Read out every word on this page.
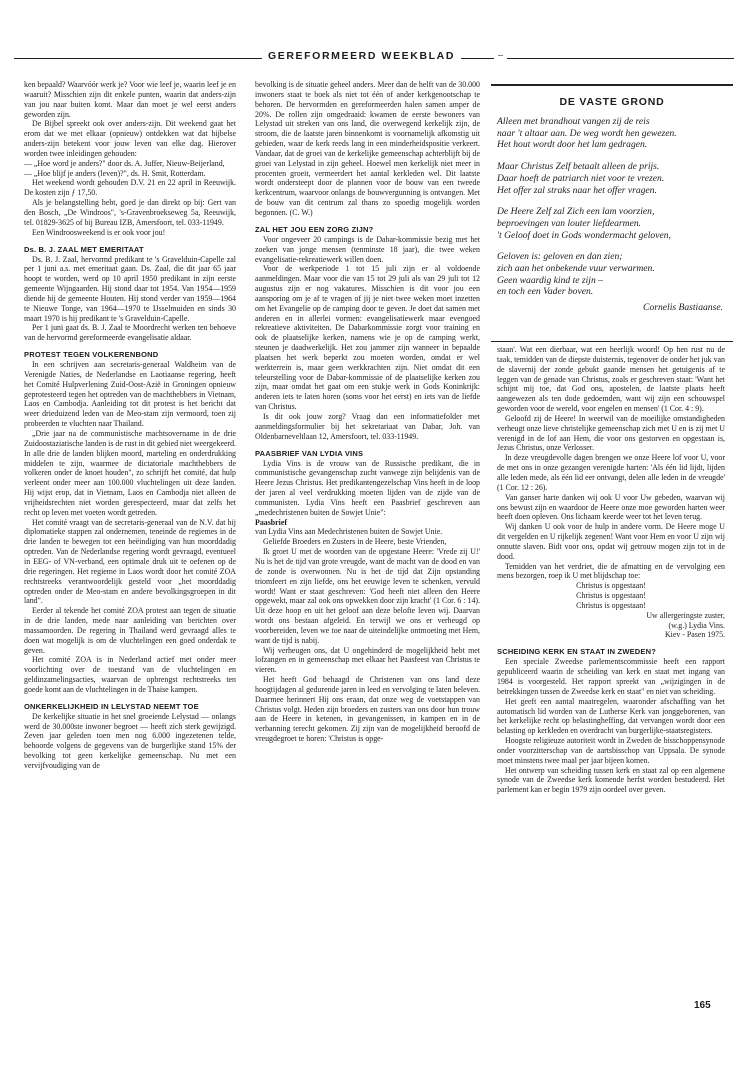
GEREFORMEERD WEEKBLAD	–

ken bepaald? Waarvóór werk je? Voor wie leef je, waarin leef je en waaruit? Misschien zijn dit enkele punten, waarin dat anders-zijn van jou naar buiten komt. Maar dan moet je wel eerst anders geworden zijn.

De Bijbel spreekt ook over anders-zijn. Dit weekend gaat het erom dat we met elkaar (opnieuw) ontdekken wat dat bijbelse anders-zijn betekent voor jouw leven van elke dag. Hierover worden twee inleidingen gehouden:

— „Hoe word je anders?" door ds. A. Juffer, Nieuw-Beijerland,

— „Hoe blijf je anders (leven)?", ds. H. Smit, Rotterdam.

Het weekend wordt gehouden D.V. 21 en 22 april in Reeuwijk. De kosten zijn ƒ 17,50.

Als je belangstelling hebt, goed je dan direkt op bij: Gert van den Bosch, „De Windroos", 's-Gravenbroekseweg 5a, Reeuwijk, tel. 01829-3625 of bij Bureau IZB, Amersfoort, tel. 033-11949.

Een Windroosweekend is er ook voor jou!

Ds. B. J. ZAAL MET EMERITAAT

Ds. B. J. Zaal, hervormd predikant te 's Gravelduin-Capelle zal per 1 juni a.s. met emeritaat gaan. Ds. Zaal, die dit jaar 65 jaar hoopt te worden, werd op 10 april 1950 predikant in zijn eerste gemeente Wijngaarden. Hij stond daar tot 1954. Van 1954—1959 diende hij de gemeente Houten. Hij stond verder van 1959—1964 te Nieuwe Tonge, van 1964—1970 te IJsselmuiden en sinds 30 maart 1970 is hij predikant te 's Gravelduin-Capelle.

Per 1 juni gaat ds. B. J. Zaal te Moordrecht werken ten behoeve van de hervormd gereformeerde evangelisatie aldaar.

PROTEST TEGEN VOLKERENBOND

In een schrijven aan secretaris-generaal Waldheim van de Verenigde Naties, de Nederlandse en Laotiaanse regering, heeft het Comité Hulpverlening Zuid-Oost-Azië in Groningen opnieuw geprotesteerd tegen het optreden van de machthebbers in Vietnam, Laos en Cambodja. Aanleiding tot dit protest is het bericht dat weer drieduizend leden van de Meo-stam zijn vermoord, toen zij probeerden te vluchten naar Thailand.

„Drie jaar na de communistische machtsovername in de drie Zuidoostaziatische landen is de rust in dit gebied niet weergekeerd. In alle drie de landen blijken moord, marteling en onderdrukking middelen te zijn, waarmee de dictatoriale machthebbers de volkeren onder de knoet houden", zo schrijft het comité, dat hulp verleent onder meer aan 100.000 vluchtelingen uit deze landen. Hij wijst erop, dat in Vietnam, Laos en Cambodja niet alleen de vrijheidsrechten niet worden gerespecteerd, maar dat zelfs het recht op leven met voeten wordt getreden.

Het comité vraagt van de secretaris-generaal van de N.V. dat hij diplomatieke stappen zal ondernemen, teneinde de regiemes in de drie landen te bewegen tot een beëindiging van hun moorddadig optreden. Van de Nederlandse regering wordt gevraagd, eventueel in EEG- of VN-verband, een optimale druk uit te oefenen op de drie regeringen. Het regieme in Laos wordt door het comité ZOA rechtstreeks verantwoordelijk gesteld voor „het moorddadig optreden onder de Meo-stam en andere bevolkingsgroepen in dit land".

Eerder al tekende het comité ZOA protest aan tegen de situatie in de drie landen, mede naar aanleiding van berichten over massamoorden. De regering in Thailand werd gevraagd alles te doen wat mogelijk is om de vluchtelingen een goed onderdak te geven.

Het comité ZOA is in Nederland actief met onder meer voorlichting over de toestand van de vluchtelingen en geldinzamelingsacties, waarvan de opbrengst rechtstreeks ten goede komt aan de vluchtelingen in de Thaise kampen.

ONKERKELIJKHEID IN LELYSTAD NEEMT TOE

De kerkelijke situatie in het snel groeiende Lelystad — onlangs werd de 30.000ste inwoner begroet — heeft zich sterk gewijzigd. Zeven jaar geleden toen men nog 6.000 ingezetenen telde, behoorde volgens de gegevens van de burgerlijke stand 15% der bevolking tot geen kerkelijke gemeenschap. Nu met een vervijfvoudiging van de

bevolking is de situatie geheel anders. Meer dan de helft van de 30.000 inwoners staat te boek als niet tot één of ander kerkgenootschap te behoren. De hervormden en gereformeerden halen samen amper de 20%. De rollen zijn omgedraaid: kwamen de eerste bewoners van Lelystad uit streken van ons land, die overwegend kerkelijk zijn, de stroom, die de laatste jaren binnenkomt is voornamelijk afkomstig uit gebieden, waar de kerk reeds lang in een minderheidspositie verkeert. Vandaar, dat de groei van de kerkelijke gemeenschap achterblijft bij de groei van Lelystad in zijn geheel. Hoewel men kerkelijk niet meer in procenten groeit, vermeerdert het aantal kerkleden wel. Dit laatste wordt ondersteept door de plannen voor de bouw van een tweede kerkcentrum, waarvoor onlangs de bouwvergunning is ontvangen. Met de bouw van dit centrum zal thans zo spoedig mogelijk worden begonnen. (C. W.)

ZAL HET JOU EEN ZORG ZIJN?

Voor ongeveer 20 campings is de Dabar-kommissie bezig met het zoeken van jonge mensen (tenminste 18 jaar), die twee weken evangelisatie-rekreatiewerk willen doen.

Voor de werkperiode 1 tot 15 juli zijn er al voldoende aanmeldingen. Maar voor die van 15 tot 29 juli als van 29 juli tot 12 augustus zijn er nog vakatures. Misschien is dit voor jou een aansporing om je af te vragen of jij je niet twee weken moet inzetten om het Evangelie op de camping door te geven. Je doet dat samen met anderen en in allerlei vormen: evangelisatiewerk maar evengoed rekreatieve aktiviteiten. De Dabarkommissie zorgt voor training en ook de plaatselijke kerken, namens wie je op de camping werkt, steunen je daadwerkelijk. Het zou jammer zijn wanneer in bepaalde plaatsen het werk beperkt zou moeten worden, omdat er wel werkterrein is, maar geen werkkrachten zijn. Niet omdat dit een teleurstelling voor de Dabar-kommissie of de plaatselijke kerken zou zijn, maar omdat het gaat om een stukje werk in Gods Koninkrijk: anderen iets te laten horen (soms voor het eerst) en iets van de liefde van Christus.

Is dit ook jouw zorg? Vraag dan een informatiefolder met aanmeldingsformulier bij het sekretariaat van Dabar, Joh. van Oldenbarneveltlaan 12, Amersfoort, tel. 033-11949.

PAASBRIEF VAN LYDIA VINS

Lydia Vins is de vrouw van de Russische predikant, die in communistische gevangenschap zucht vanwege zijn belijdenis van de Heere Jezus Christus. Het predikantengezelschap Vins heeft in de loop der jaren al veel verdrukking moeten lijden van de zijde van de communisten. Lydia Vins heeft een Paasbrief geschreven aan „medechristenen buiten de Sowjet Unie":

Paasbrief

van Lydia Vins aan Medechristenen buiten de Sowjet Unie.

Geliefde Broeders en Zusters in de Heere, beste Vrienden,

Ik groet U met de woorden van de opgestane Heere: 'Vrede zij U!' Nu is het de tijd van grote vreugde, want de macht van de dood en van de zonde is overwonnen. Nu is het de tijd dat Zijn opstanding triomfeert en zijn liefde, ons het eeuwige leven te schenken, vervuld wordt! Want er staat geschreven: 'God heeft niet alleen den Heere opgewekt, maar zal ook ons opwekken door zijn kracht' (1 Cor. 6 : 14). Uit deze hoop en uit het geloof aan deze belofte leven wij. Daarvan wordt ons bestaan afgeleid. En terwijl we ons er verheugd op voorbereiden, leven we toe naar de uiteindelijke ontmoeting met Hem, want de tijd is nabij.

Wij verheugen ons, dat U ongehinderd de mogelijkheid hebt met lofzangen en in gemeenschap met elkaar het Paasfeest van Christus te vieren.

Het heeft God behaagd de Christenen van ons land deze hoogtijdagen al gedurende jaren in leed en vervolging te laten beleven. Daarmee herinnert Hij ons eraan, dat onze weg de voetstappen van Christus volgt. Heden zijn broeders en zusters van ons door hun trouw aan de Heere in ketenen, in gevangenissen, in kampen en in de verbanning terecht gekomen. Zij zijn van de mogelijkheid beroofd de vreugdegroet te horen: 'Christus is opge-

DE VASTE GROND
Alleen met brandhout vangen zij de reis
naar 't altaar aan. De weg wordt hen gewezen.
Het hout wordt door het lam gedragen.
Maar Christus Zelf betaalt alleen de prijs.
Daar hoeft de patriarch niet voor te vrezen.
Het offer zal straks naar het offer vragen.
De Heere Zelf zal Zich een lam voorzien,
beproevingen van louter liefdearmen.
't Geloof doet in Gods wondermacht geloven,
Geloven is: geloven en dan zien;
zich aan het onbekende vuur verwarmen.
Geen waardig kind te zijn –
en toch een Vader boven.
Cornelis Bastiaanse.

staan'. Wat een dierbaar, wat een heerlijk woord! Op hen rust nu de taak, temidden van de diepste duisternis, tegenover de onder het juk van de slavernij der zonde gebukt gaande mensen het getuigenis af te leggen van de genade van Christus, zoals er geschreven staat: 'Want het schijnt mij toe, dat God ons, apostelen, de laatste plaats heeft aangewezen als ten dode gedoemden, want wij zijn een schouwspel geworden voor de wereld, voor engelen en mensen' (1 Cor. 4 : 9).

Geloofd zij de Heere! In weerwil van de moeilijke omstandigheden verheugt onze lieve christelijke gemeenschap zich met U en is zij met U verenigd in de lof aan Hem, die voor ons gestorven en opgestaan is, Jezus Christus, onze Verlosser.

In deze vreugdevolle dagen brengen we onze Heere lof voor U, voor de met ons in onze gezangen verenigde harten: 'Als één lid lijdt, lijden alle leden mede, als één lid eer ontvangt, delen alle leden in de vreugde' (1 Cor. 12 : 26).

Van ganser harte danken wij ook U voor Uw gebeden, waarvan wij ons bewust zijn en waardoor de Heere onze moe geworden harten weer heeft doen opleven. Ons lichaam keerde weer tot het leven terug.

Wij danken U ook voor de hulp in andere vorm. De Heere moge U dit vergelden en U rijkelijk zegenen! Want voor Hem en voor U zijn wij onnutte slaven. Bidt voor ons, opdat wij getrouw mogen zijn tot in de dood.

Temidden van het verdriet, die de afmatting en de vervolging een mens bezorgen, roep ik U met blijdschap toe:

Christus is opgestaan!

Christus is opgestaan!

Christus is opgestaan!

Uw allergeringste zuster,

(w.g.) Lydia Vins.

Kiev - Pasen 1975.

SCHEIDING KERK EN STAAT IN ZWEDEN?

Een speciale Zweedse parlementscommissie heeft een rapport gepubliceerd waarin de scheiding van kerk en staat met ingang van 1984 is voorgesteld. Het rapport spreekt van „wijzigingen in de betrekkingen tussen de Zweedse kerk en staat" en niet van scheiding.

Het geeft een aantal maatregelen, waaronder afschaffing van het automatisch lid worden van de Lutherse Kerk van jonggeborenen, van het kerkelijke recht op belastingheffing, dat vervangen wordt door een belasting op kerkleden en overdracht van burgerlijke-staatsregisters.

Hoogste religieuze autoriteit wordt in Zweden de bisschoppensynode onder voorzitterschap van de aartsbisschop van Uppsala. De synode moet minstens twee maal per jaar bijeen komen.

Het ontwerp van scheiding tussen kerk en staat zal op een algemene synode van de Zweedse kerk komende herfst worden bestudeerd. Het parlement kan er begin 1979 zijn oordeel over geven.

165
